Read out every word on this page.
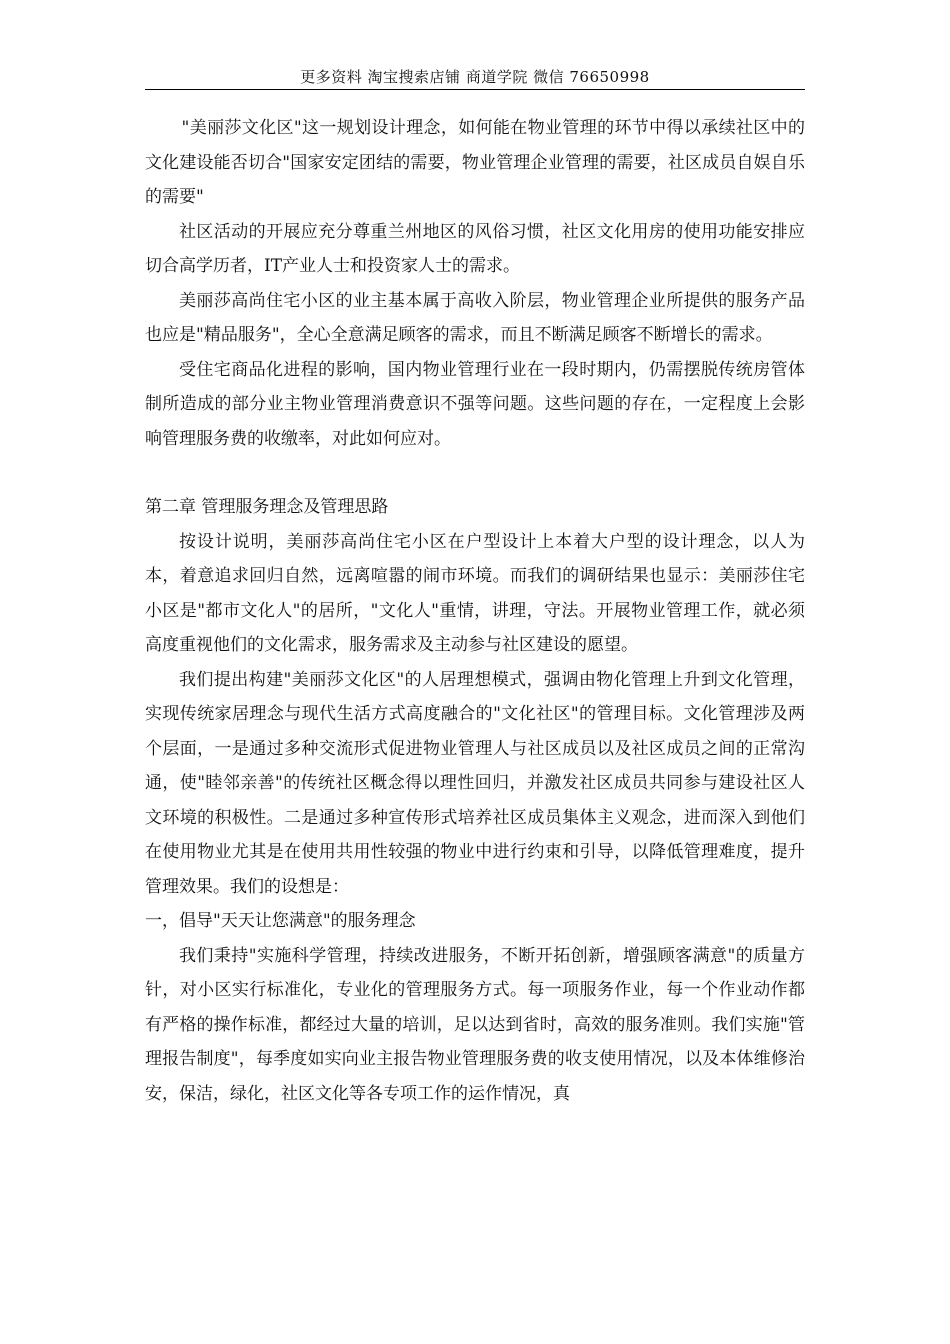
更多资料 淘宝搜索店铺 商道学院 微信 76650998

"美丽莎文化区"这一规划设计理念，如何能在物业管理的环节中得以承续社区中的文化建设能否切合"国家安定团结的需要，物业管理企业管理的需要，社区成员自娱自乐的需要"

社区活动的开展应充分尊重兰州地区的风俗习惯，社区文化用房的使用功能安排应切合高学历者，IT产业人士和投资家人士的需求。

美丽莎高尚住宅小区的业主基本属于高收入阶层，物业管理企业所提供的服务产品也应是"精品服务"，全心全意满足顾客的需求，而且不断满足顾客不断增长的需求。

受住宅商品化进程的影响，国内物业管理行业在一段时期内，仍需摆脱传统房管体制所造成的部分业主物业管理消费意识不强等问题。这些问题的存在，一定程度上会影响管理服务费的收缴率，对此如何应对。

第二章 管理服务理念及管理思路

按设计说明，美丽莎高尚住宅小区在户型设计上本着大户型的设计理念，以人为本，着意追求回归自然，远离喧嚣的闹市环境。而我们的调研结果也显示：美丽莎住宅小区是"都市文化人"的居所，"文化人"重情，讲理，守法。开展物业管理工作，就必须高度重视他们的文化需求，服务需求及主动参与社区建设的愿望。

我们提出构建"美丽莎文化区"的人居理想模式，强调由物化管理上升到文化管理，实现传统家居理念与现代生活方式高度融合的"文化社区"的管理目标。文化管理涉及两个层面，一是通过多种交流形式促进物业管理人与社区成员以及社区成员之间的正常沟通，使"睦邻亲善"的传统社区概念得以理性回归，并激发社区成员共同参与建设社区人文环境的积极性。二是通过多种宣传形式培养社区成员集体主义观念，进而深入到他们在使用物业尤其是在使用共用性较强的物业中进行约束和引导，以降低管理难度，提升管理效果。我们的设想是：

一，倡导"天天让您满意"的服务理念

我们秉持"实施科学管理，持续改进服务，不断开拓创新，增强顾客满意"的质量方针，对小区实行标准化，专业化的管理服务方式。每一项服务作业，每一个作业动作都有严格的操作标准，都经过大量的培训，足以达到省时，高效的服务准则。我们实施"管理报告制度"，每季度如实向业主报告物业管理服务费的收支使用情况，以及本体维修治安，保洁，绿化，社区文化等各专项工作的运作情况，真
